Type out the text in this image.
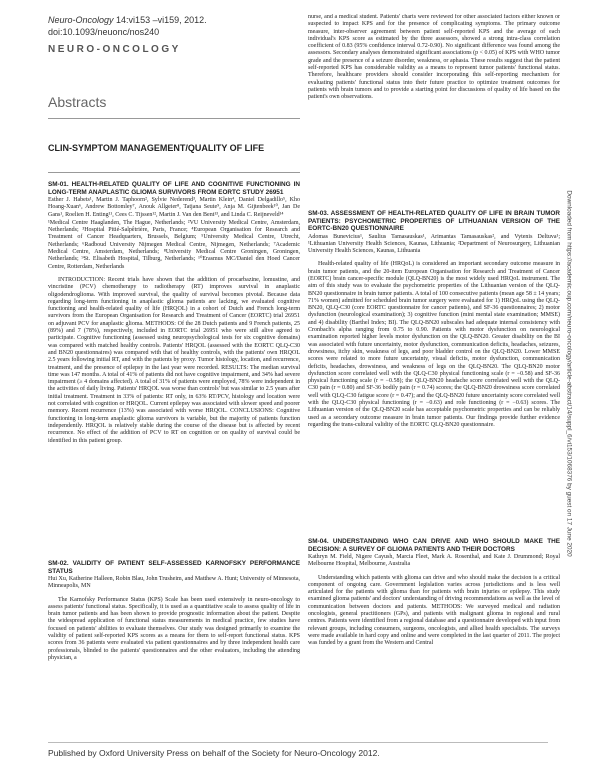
Neuro-Oncology 14:vi153 –vi159, 2012.
doi:10.1093/neuonc/nos240
NEURO-ONCOLOGY
Abstracts
CLIN-SYMPTOM MANAGEMENT/QUALITY OF LIFE
SM-01. HEALTH-RELATED QUALITY OF LIFE AND COGNITIVE FUNCTIONING IN LONG-TERM ANAPLASTIC GLIOMA SURVIVORS FROM EORTC STUDY 26951
Esther J. Habets¹, Martin J. Taphoorn², Sylvie Nederend³, Martin Klein⁴, Daniel Delgadillo⁵, Kho Hoang-Xuan⁶, Andrew Bottomley⁷, Anouk Allgeier⁸, Tatjana Seute⁹, Anja M. Gijtenbeek¹⁰, Jan De Gans¹, Roelien H. Enting¹¹, Cees C. Tijssen¹², Martin J. Van den Bent¹³, and Linda C. Reijneveld¹⁴

¹Medical Centre Haaglanden, The Hague, Netherlands; ²VU University Medical Centre, Amsterdam, Netherlands; ³Hospital Pitié-Salpêtrière, Paris, France; ⁴European Organisation for Research and Treatment of Cancer Headquarters, Brussels, Belgium; ⁵University Medical Centre, Utrecht, Netherlands; ⁶Radboud University Nijmegen Medical Centre, Nijmegen, Netherlands; ⁷Academic Medical Centre, Amsterdam, Netherlands; ⁸University Medical Centre Groningen, Groningen, Netherlands; ⁹St. Elisabeth Hospital, Tilburg, Netherlands; ¹⁰Erasmus MC/Daniel den Hoed Cancer Centre, Rotterdam, Netherlands

INTRODUCTION: Recent trials have shown that the addition of procarbazine, lomustine, and vincristine (PCV) chemotherapy to radiotherapy (RT) improves survival in anaplastic oligodendroglioma. With improved survival, the quality of survival becomes pivotal. Because data regarding long-term functioning in anaplastic glioma patients are lacking, we evaluated cognitive functioning and health-related quality of life (HRQOL) in a cohort of Dutch and French long-term survivors from the European Organisation for Research and Treatment of Cancer (EORTC) trial 26951 on adjuvant PCV for anaplastic glioma. METHODS: Of the 28 Dutch patients and 9 French patients, 25 (89%) and 7 (78%), respectively, included in EORTC trial 26951 who were still alive agreed to participate. Cognitive functioning (assessed using neuropsychological tests for six cognitive domains) was compared with matched healthy controls. Patients' HRQOL (assessed with the EORTC QLQ-C30 and BN20 questionnaires) was compared with that of healthy controls, with the patients' own HRQOL 2.5 years following initial RT, and with the patients by proxy. Tumor histology, location, and recurrence, treatment, and the presence of epilepsy in the last year were recorded. RESULTS: The median survival time was 147 months. A total of 41% of patients did not have cognitive impairment, and 34% had severe impairment (≥ 4 domains affected). A total of 31% of patients were employed, 78% were independent in the activities of daily living. Patients' HRQOL was worse than controls' but was similar to 2.5 years after initial treatment. Treatment in 33% of patients: RT only, in 63% RT/PCV, histology and location were not correlated with cognition or HRQOL. Current epilepsy was associated with slower speed and poorer memory. Recent recurrence (13%) was associated with worse HRQOL. CONCLUSIONS: Cognitive functioning in long-term anaplastic glioma survivors is variable, but the majority of patients function independently. HRQOL is relatively stable during the course of the disease but is affected by recent recurrence. No effect of the addition of PCV to RT on cognition or on quality of survival could be identified in this patient group.

SM-02. VALIDITY OF PATIENT SELF-ASSESSED KARNOFSKY PERFORMANCE STATUS
Hui Xu, Katherine Halleen, Robin Blau, John Trusheim, and Matthew A. Hunt; University of Minnesota, Minneapolis, MN

The Karnofsky Performance Status (KPS) Scale has been used extensively in neuro-oncology to assess patients' functional status. Specifically, it is used as a quantitative scale to assess quality of life in brain tumor patients and has been shown to provide prognostic information about the patient. Despite the widespread application of functional status measurements in medical practice, few studies have focused on patients' abilities to evaluate themselves. Our study was designed primarily to examine the validity of patient self-reported KPS scores as a means for them to self-report functional status. KPS scores from 36 patients were evaluated via patient questionnaires and by three independent health care professionals, blinded to the patients' questionnaires and the other evaluators, including the attending physician, a

nurse, and a medical student. Patients' charts were reviewed for other associated factors either known or suspected to impact KPS and for the presence of complicating symptoms. The primary outcome measure, inter-observer agreement between patient self-reported KPS and the average of each individual's KPS score as estimated by the three assessors, showed a strong intra-class correlation coefficient of 0.83 (95% confidence interval 0.72-0.90). No significant difference was found among the assessors. Secondary analyses demonstrated significant associations (p < 0.05) of KPS with WHO tumor grade and the presence of a seizure disorder, weakness, or aphasia. These results suggest that the patient self-reported KPS has considerable validity as a means to represent tumor patients' functional status. Therefore, healthcare providers should consider incorporating this self-reporting mechanism for evaluating patients' functional status into their future practice to optimize treatment outcomes for patients with brain tumors and to provide a starting point for discussions of quality of life based on the patient's own observations.

SM-03. ASSESSMENT OF HEALTH-RELATED QUALITY OF LIFE IN BRAIN TUMOR PATIENTS: PSYCHOMETRIC PROPERTIES OF LITHUANIAN VERSION OF THE EORTC-BN20 QUESTIONNAIRE
Adomas Bunevicius¹, Saulius Tamasauskas¹, Arimantas Tamasauskas², and Vytenis Deltuva¹; ¹Lithuanian University Health Sciences, Kaunas, Lithuania; ²Department of Neurosurgery, Lithuanian University Health Sciences, Kaunas, Lithuania

Health-related quality of life (HRQoL) is considered an important secondary outcome measure in brain tumor patients, and the 20-item European Organisation for Research and Treatment of Cancer (EORTC) brain cancer-specific module (QLQ-BN20) is the most widely used HRQoL instrument. The aim of this study was to evaluate the psychometric properties of the Lithuanian version of the QLQ-BN20 questionnaire in brain tumor patients. A total of 100 consecutive patients (mean age 58 ± 14 years; 71% women) admitted for scheduled brain tumor surgery were evaluated for 1) HRQoL using the QLQ-BN20, QLQ-C30 (core EORTC questionnaire for cancer patients), and SF-36 questionnaires; 2) motor dysfunction (neurological examination); 3) cognitive function (mini mental state examination; MMSE) and 4) disability (Barthel Index; BI). The QLQ-BN20 subscales had adequate internal consistency with Cronbach's alpha ranging from 0.75 to 0.90. Patients with motor dysfunction on neurological examination reported higher levels motor dysfunction on the QLQ-BN20. Greater disability on the BI was associated with future uncertainty, motor dysfunction, communication deficits, headaches, seizures, drowsiness, itchy skin, weakness of legs, and poor bladder control on the QLQ-BN20. Lower MMSE scores were related to more future uncertainty, visual deficits, motor dysfunction, communication deficits, headaches, drowsiness, and weakness of legs on the QLQ-BN20. The QLQ-BN20 motor dysfunction score correlated well with the QLQ-C30 physical functioning scale (r = −0.58) and SF-36 physical functioning scale (r = −0.58); the QLQ-BN20 headache score correlated well with the QLQ-C30 pain (r = 0.80) and SF-36 bodily pain (r = 0.74) scores; the QLQ-BN20 drowsiness score correlated well with QLQ-C30 fatigue score (r = 0.47); and the QLQ-BN20 future uncertainty score correlated well with the QLQ-C30 physical functioning (r = −0.63) and role functioning (r = −0.63) scores. The Lithuanian version of the QLQ-BN20 scale has acceptable psychometric properties and can be reliably used as a secondary outcome measure in brain tumor patients. Our findings provide further evidence regarding the trans-cultural validity of the EORTC QLQ-BN20 questionnaire.

SM-04. UNDERSTANDING WHO CAN DRIVE AND WHO SHOULD MAKE THE DECISION: A SURVEY OF GLIOMA PATIENTS AND THEIR DOCTORS
Kathryn M. Field, Nigere Cayush, Marcia Fleet, Mark A. Rosenthal, and Kate J. Drummond; Royal Melbourne Hospital, Melbourne, Australia

Understanding which patients with glioma can drive and who should make the decision is a critical component of ongoing care. Government legislation varies across jurisdictions and is less well articulated for the patients with glioma than for patients with brain injuries or epilepsy. This study examined glioma patients' and doctors' understanding of driving recommendations as well as the level of communication between doctors and patients. METHODS: We surveyed medical and radiation oncologists, general practitioners (GPs), and patients with malignant glioma in regional and rural centres. Patients were identified from a regional database and a questionnaire developed with input from relevant groups, including consumers, surgeons, oncologists, and allied health specialists. The surveys were made available in hard copy and online and were completed in the last quarter of 2011. The project was funded by a grant from the Western and Central

Downloaded from https://academic.oup.com/neuro-oncology/article-abstract/14/suppl_6/vi153/1068376 by guest on 17 June 2020
Published by Oxford University Press on behalf of the Society for Neuro-Oncology 2012.
